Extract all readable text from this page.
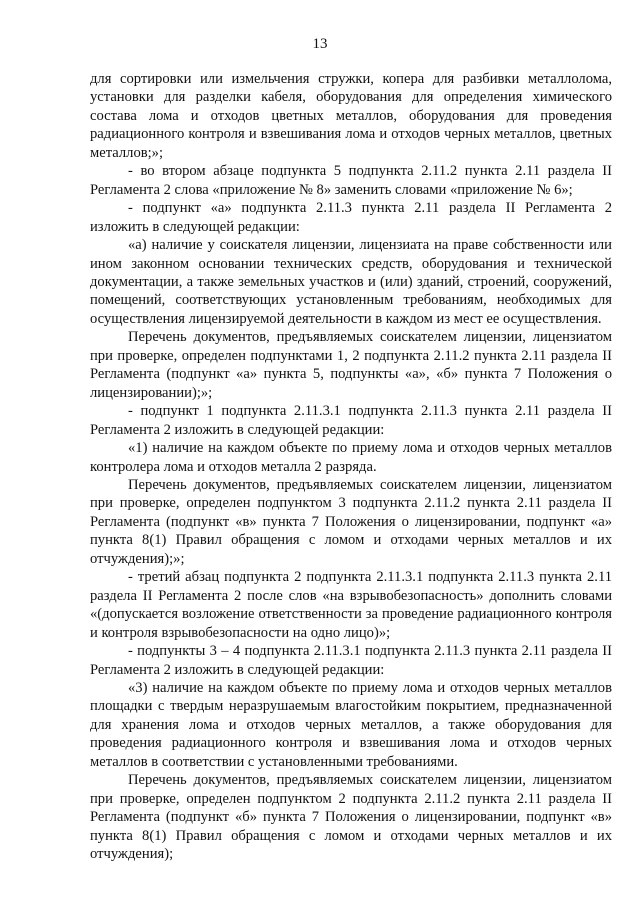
13

для сортировки или измельчения стружки, копера для разбивки металлолома, установки для разделки кабеля, оборудования для определения химического состава лома и отходов цветных металлов, оборудования для проведения радиационного контроля и взвешивания лома и отходов черных металлов, цветных металлов;»;

- во втором абзаце подпункта 5 подпункта 2.11.2 пункта 2.11 раздела II Регламента 2 слова «приложение № 8» заменить словами «приложение № 6»;

- подпункт «а» подпункта 2.11.3 пункта 2.11 раздела II Регламента 2 изложить в следующей редакции:

«а) наличие у соискателя лицензии, лицензиата на праве собственности или ином законном основании технических средств, оборудования и технической документации, а также земельных участков и (или) зданий, строений, сооружений, помещений, соответствующих установленным требованиям, необходимых для осуществления лицензируемой деятельности в каждом из мест ее осуществления.

Перечень документов, предъявляемых соискателем лицензии, лицензиатом при проверке, определен подпунктами 1, 2 подпункта 2.11.2 пункта 2.11 раздела II Регламента (подпункт «а» пункта 5, подпункты «а», «б» пункта 7 Положения о лицензировании);»;

- подпункт 1 подпункта 2.11.3.1 подпункта 2.11.3 пункта 2.11 раздела II Регламента 2 изложить в следующей редакции:

«1) наличие на каждом объекте по приему лома и отходов черных металлов контролера лома и отходов металла 2 разряда.

Перечень документов, предъявляемых соискателем лицензии, лицензиатом при проверке, определен подпунктом 3 подпункта 2.11.2 пункта 2.11 раздела II Регламента (подпункт «в» пункта 7 Положения о лицензировании, подпункт «а» пункта 8(1) Правил обращения с ломом и отходами черных металлов и их отчуждения);»;

- третий абзац подпункта 2 подпункта 2.11.3.1 подпункта 2.11.3 пункта 2.11 раздела II Регламента 2 после слов «на взрывобезопасность» дополнить словами «(допускается возложение ответственности за проведение радиационного контроля и контроля взрывобезопасности на одно лицо)»;

- подпункты 3 – 4 подпункта 2.11.3.1 подпункта 2.11.3 пункта 2.11 раздела II Регламента 2 изложить в следующей редакции:

«3) наличие на каждом объекте по приему лома и отходов черных металлов площадки с твердым неразрушаемым влагостойким покрытием, предназначенной для хранения лома и отходов черных металлов, а также оборудования для проведения радиационного контроля и взвешивания лома и отходов черных металлов в соответствии с установленными требованиями.

Перечень документов, предъявляемых соискателем лицензии, лицензиатом при проверке, определен подпунктом 2 подпункта 2.11.2 пункта 2.11 раздела II Регламента (подпункт «б» пункта 7 Положения о лицензировании, подпункт «в» пункта 8(1) Правил обращения с ломом и отходами черных металлов и их отчуждения);
